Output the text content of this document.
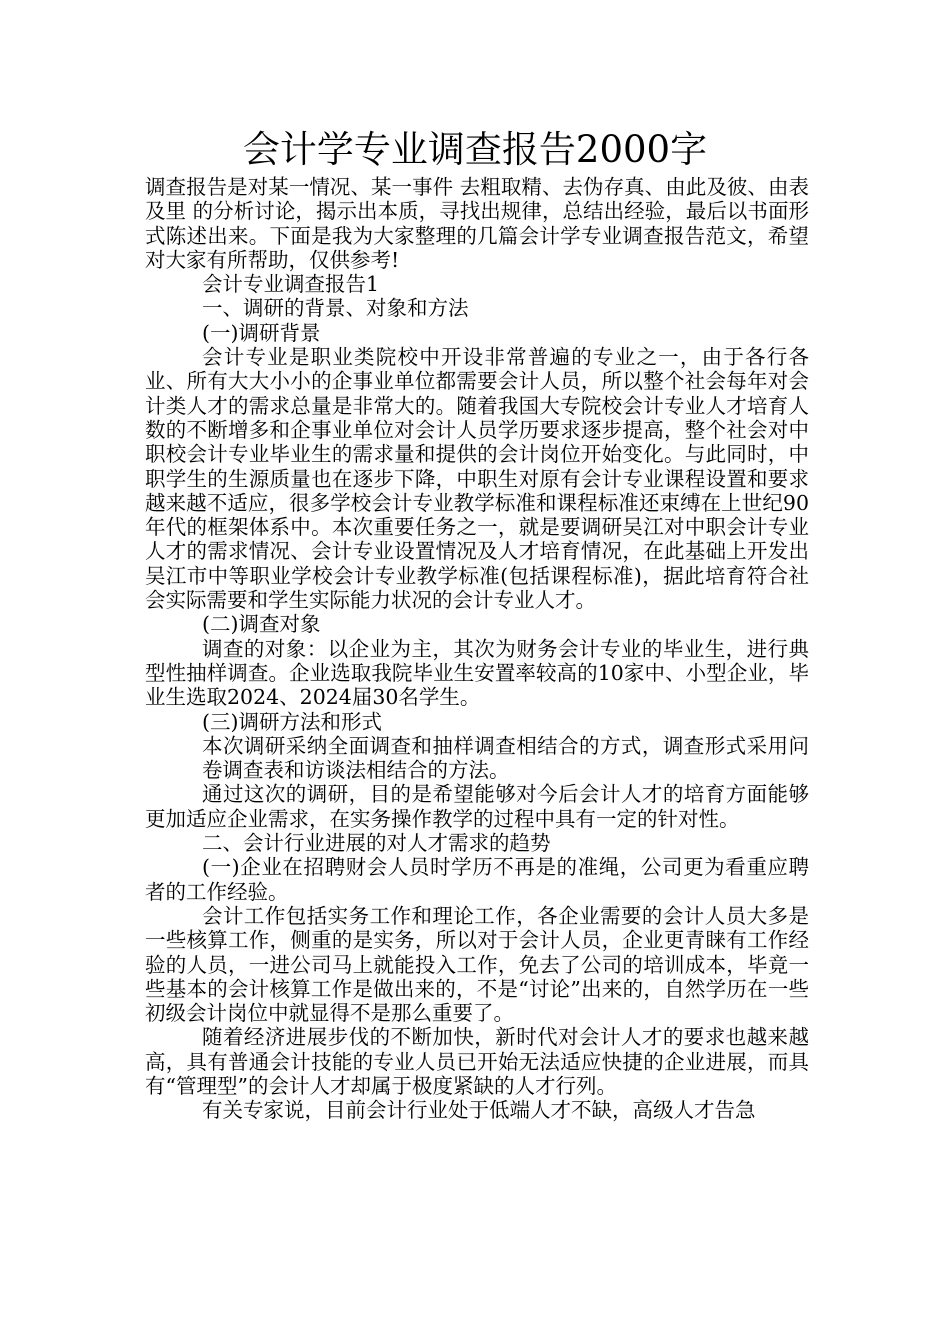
会计学专业调查报告2000字

调查报告是对某一情况、某一事件 去粗取精、去伪存真、由此及彼、由表及里 的分析讨论，揭示出本质，寻找出规律，总结出经验，最后以书面形式陈述出来。下面是我为大家整理的几篇会计学专业调查报告范文，希望对大家有所帮助，仅供参考!

会计专业调查报告1

一、调研的背景、对象和方法

(一)调研背景

会计专业是职业类院校中开设非常普遍的专业之一，由于各行各业、所有大大小小的企事业单位都需要会计人员，所以整个社会每年对会计类人才的需求总量是非常大的。随着我国大专院校会计专业人才培育人数的不断增多和企事业单位对会计人员学历要求逐步提高，整个社会对中职校会计专业毕业生的需求量和提供的会计岗位开始变化。与此同时，中职学生的生源质量也在逐步下降，中职生对原有会计专业课程设置和要求越来越不适应，很多学校会计专业教学标准和课程标准还束缚在上世纪90年代的框架体系中。本次重要任务之一，就是要调研吴江对中职会计专业人才的需求情况、会计专业设置情况及人才培育情况，在此基础上开发出吴江市中等职业学校会计专业教学标准(包括课程标准)，据此培育符合社会实际需要和学生实际能力状况的会计专业人才。

(二)调查对象

调查的对象：以企业为主，其次为财务会计专业的毕业生，进行典型性抽样调查。企业选取我院毕业生安置率较高的10家中、小型企业，毕业生选取2024、2024届30名学生。

(三)调研方法和形式

本次调研采纳全面调查和抽样调查相结合的方式，调查形式采用问卷调查表和访谈法相结合的方法。

通过这次的调研，目的是希望能够对今后会计人才的培育方面能够更加适应企业需求，在实务操作教学的过程中具有一定的针对性。

二、会计行业进展的对人才需求的趋势

(一)企业在招聘财会人员时学历不再是的准绳，公司更为看重应聘者的工作经验。

会计工作包括实务工作和理论工作，各企业需要的会计人员大多是一些核算工作，侧重的是实务，所以对于会计人员，企业更青睐有工作经验的人员，一进公司马上就能投入工作，免去了公司的培训成本，毕竟一些基本的会计核算工作是做出来的，不是“讨论”出来的，自然学历在一些初级会计岗位中就显得不是那么重要了。

随着经济进展步伐的不断加快，新时代对会计人才的要求也越来越高，具有普通会计技能的专业人员已开始无法适应快捷的企业进展，而具有“管理型”的会计人才却属于极度紧缺的人才行列。

有关专家说，目前会计行业处于低端人才不缺，高级人才告急
